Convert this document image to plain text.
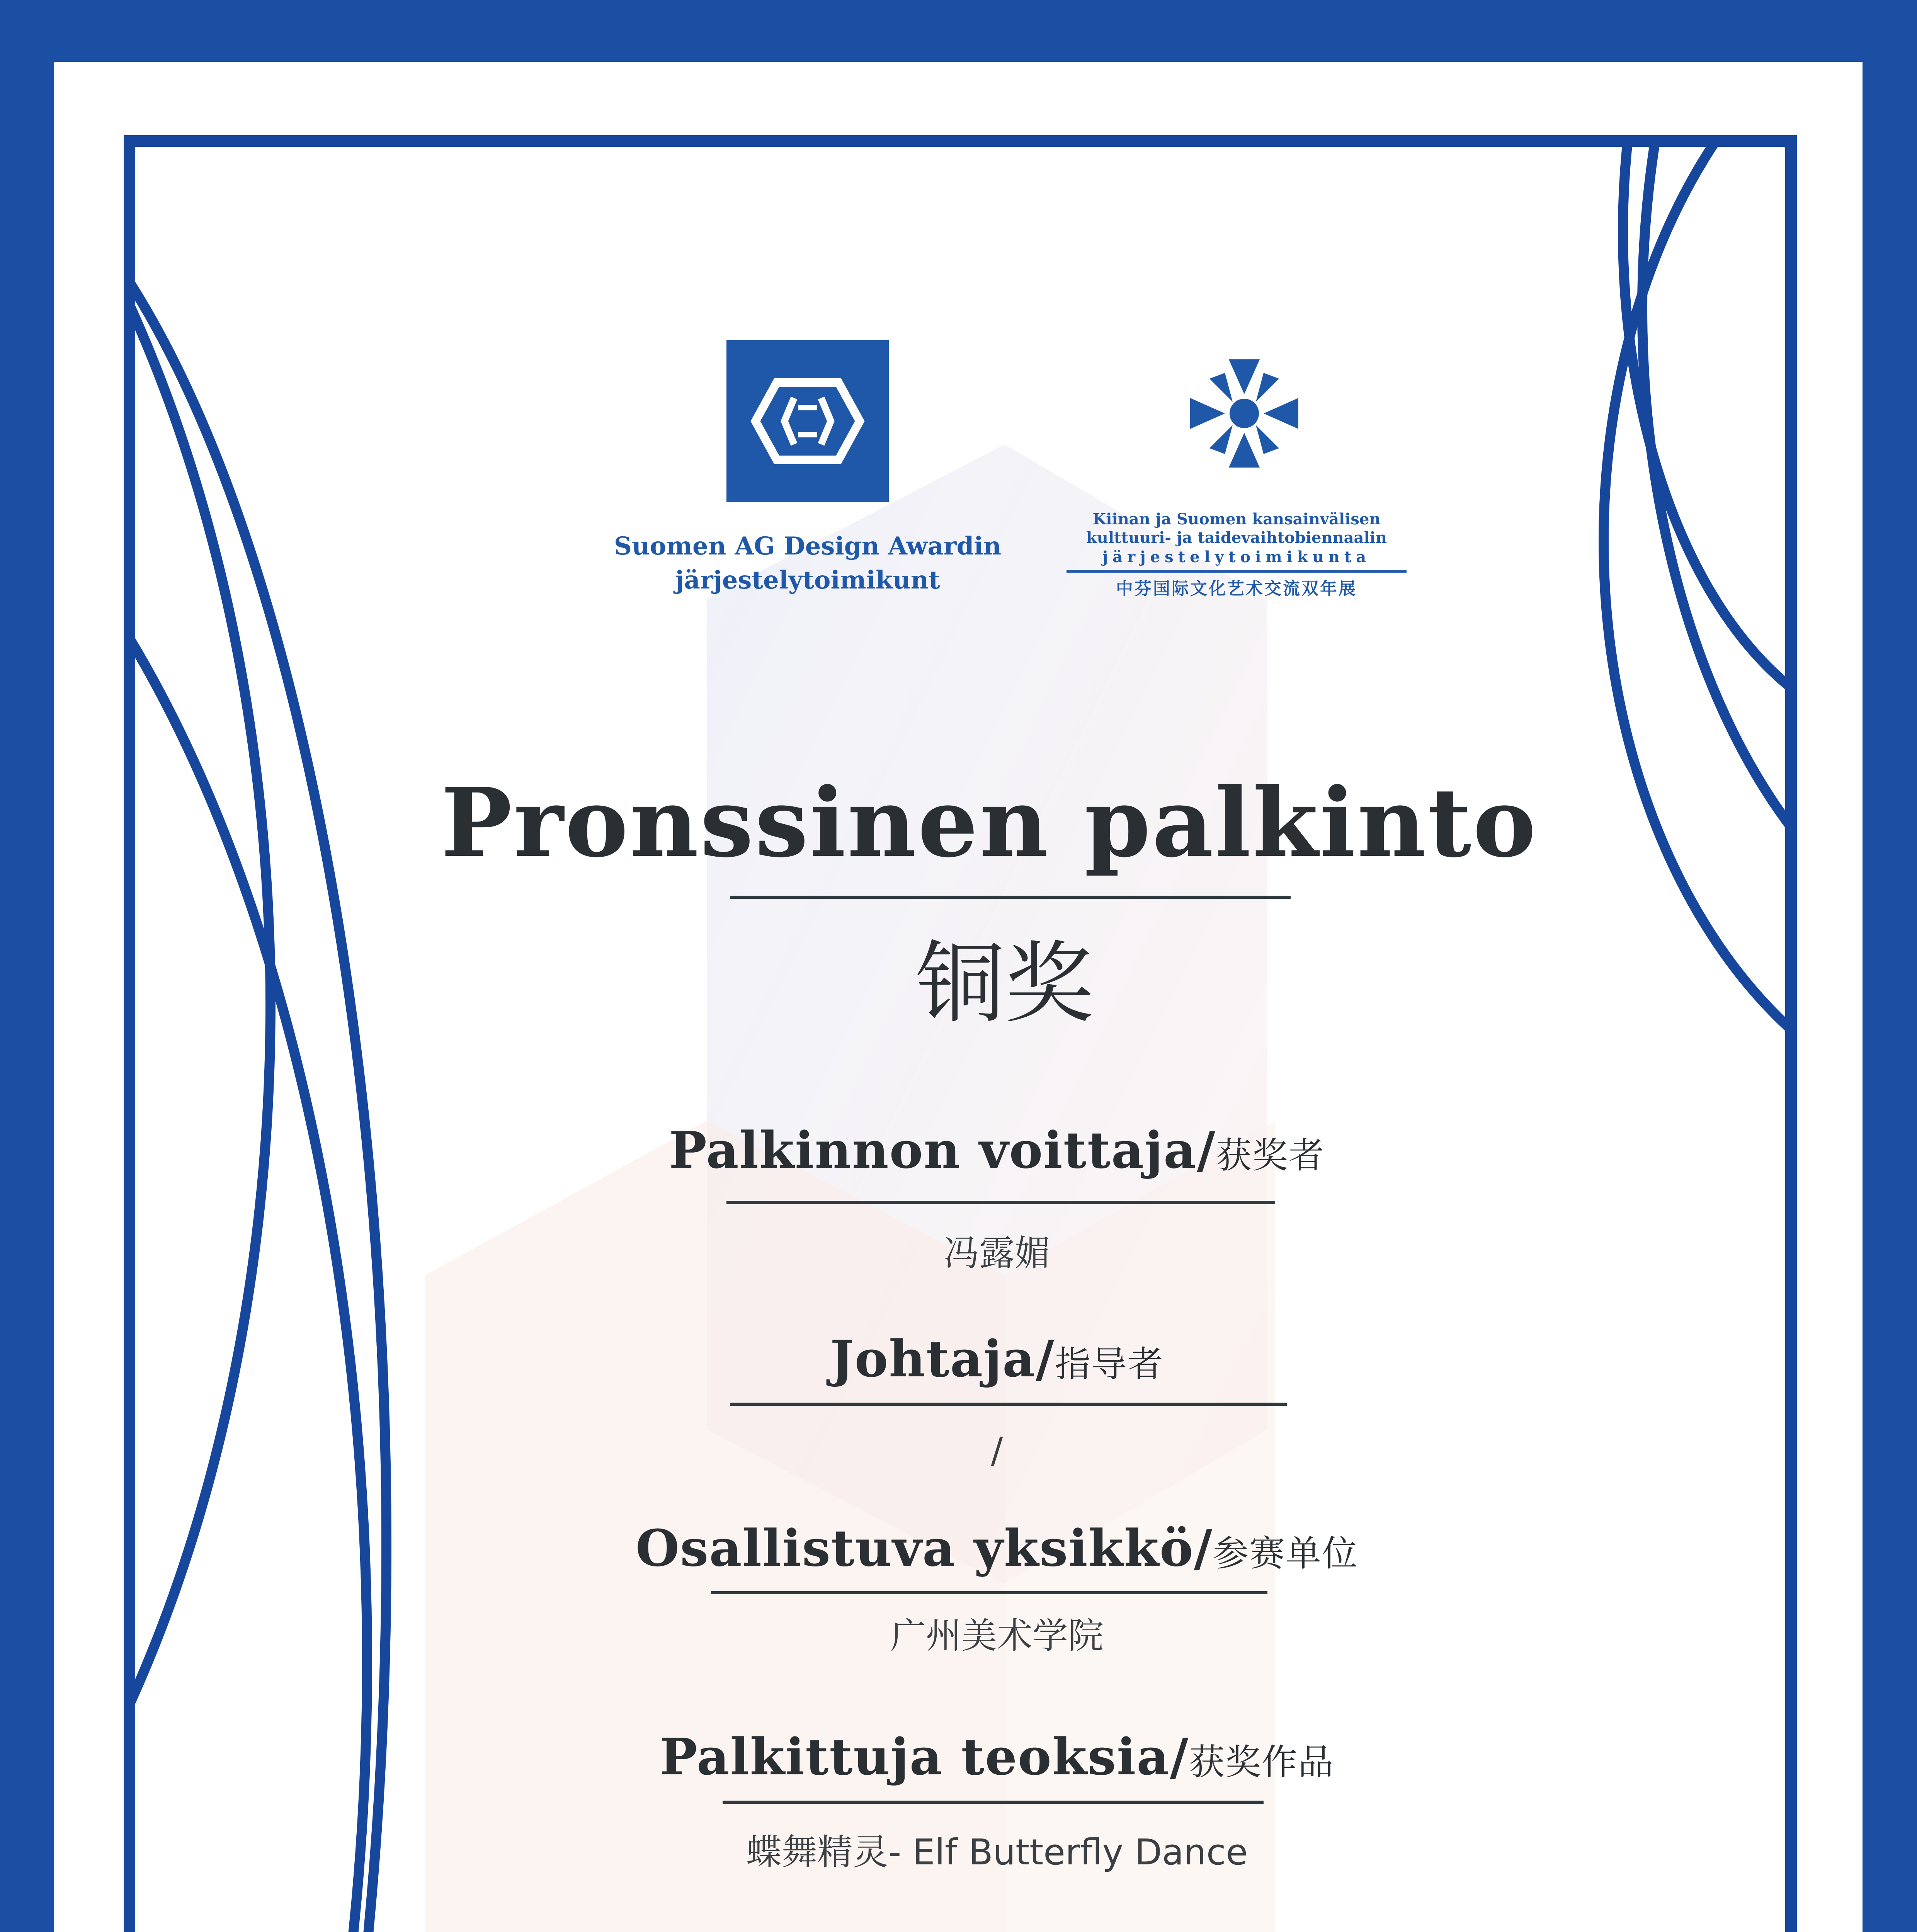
Suomen AG Design Awardin
järjestelytoimikunt
Kiinan ja Suomen kansainvälisen
kulttuuri- ja taidevaihtobiennaalin
järjestelytoimikunta
中芬国际文化艺术交流双年展
Pronssinen palkinto
铜奖
Palkinnon voittaja/获奖者
冯露媚
Johtaja/指导者
/
Osallistuva yksikkö/参赛单位
广州美术学院
Palkittuja teoksia/获奖作品
蝶舞精灵- Elf Butterfly Dance
